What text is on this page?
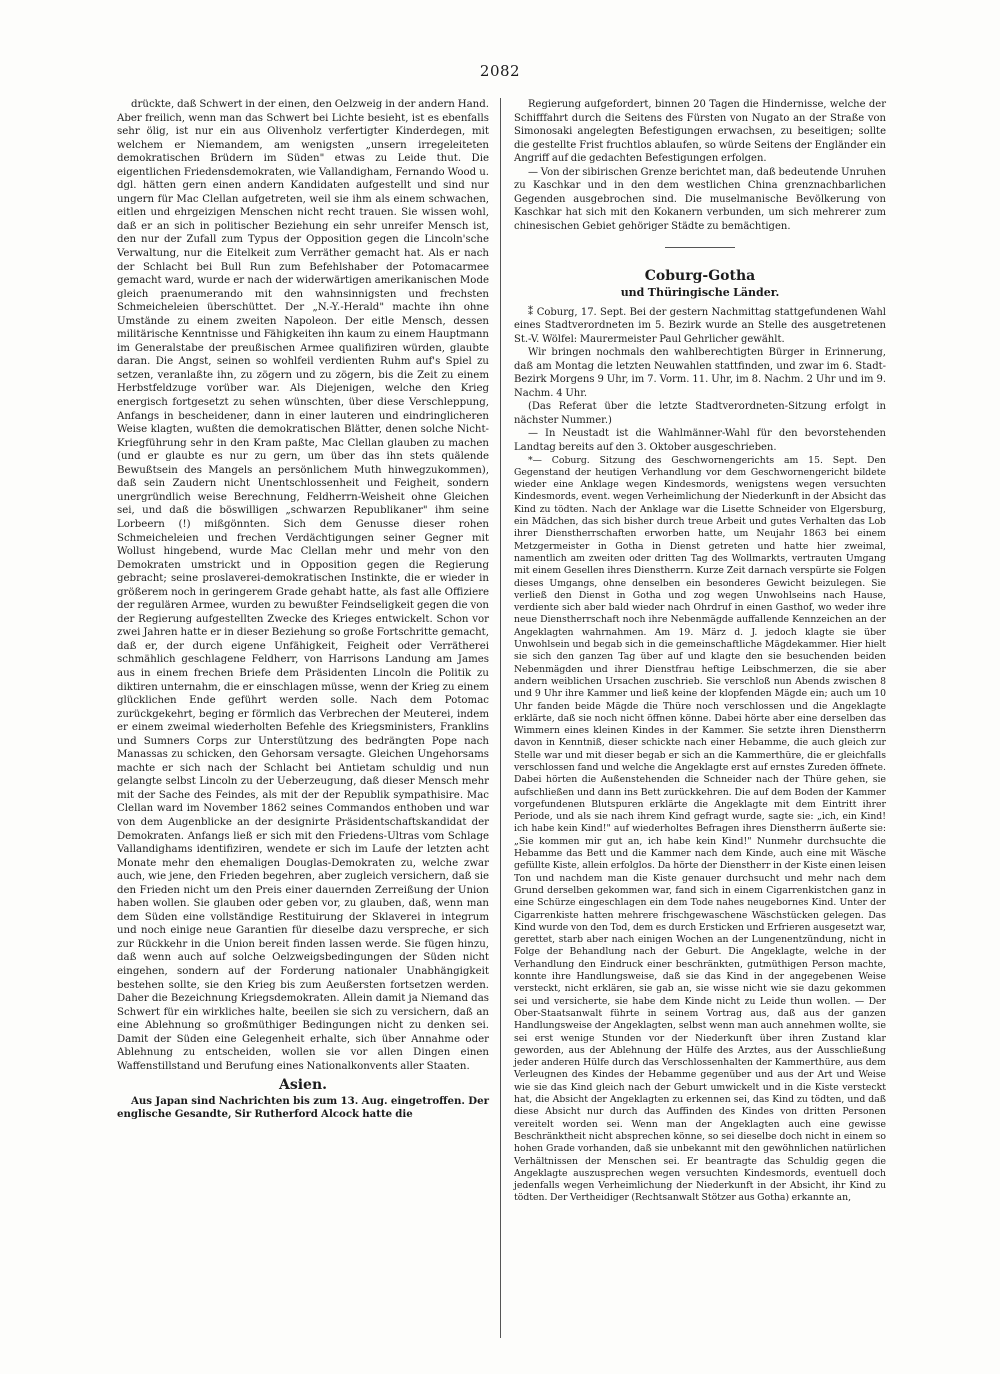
2082

drückte, daß Schwert in der einen, den Oelzweig in der andern Hand. Aber freilich, wenn man das Schwert bei Lichte besieht, ist es ebenfalls sehr ölig, ist nur ein aus Olivenholz verfertigter Kinderdegen, mit welchem er Niemandem, am wenigsten „unsern irregeleiteten demokratischen Brüdern im Süden" etwas zu Leide thut. Die eigentlichen Friedensdemokraten, wie Vallandigham, Fernando Wood u. dgl. hätten gern einen andern Kandidaten aufgestellt und sind nur ungern für Mac Clellan aufgetreten, weil sie ihm als einem schwachen, eitlen und ehrgeizigen Menschen nicht recht trauen. Sie wissen wohl, daß er an sich in politischer Beziehung ein sehr unreifer Mensch ist, den nur der Zufall zum Typus der Opposition gegen die Lincoln'sche Verwaltung, nur die Eitelkeit zum Verräther gemacht hat. Als er nach der Schlacht bei Bull Run zum Befehlshaber der Potomacarmee gemacht ward, wurde er nach der widerwärtigen amerikanischen Mode gleich praenumerando mit den wahnsinnigsten und frechsten Schmeicheleien überschüttet. Der „N.-Y.-Herald" machte ihn ohne Umstände zu einem zweiten Napoleon. Der eitle Mensch, dessen militärische Kenntnisse und Fähigkeiten ihn kaum zu einem Hauptmann im Generalstabe der preußischen Armee qualifiziren würden, glaubte daran. Die Angst, seinen so wohlfeil verdienten Ruhm auf's Spiel zu setzen, veranlaßte ihn, zu zögern und zu zögern, bis die Zeit zu einem Herbstfeldzuge vorüber war. Als Diejenigen, welche den Krieg energisch fortgesetzt zu sehen wünschten, über diese Verschleppung, Anfangs in bescheidener, dann in einer lauteren und eindringlicheren Weise klagten, wußten die demokratischen Blätter, denen solche Nicht-Kriegführung sehr in den Kram paßte, Mac Clellan glauben zu machen (und er glaubte es nur zu gern, um über das ihn stets quälende Bewußtsein des Mangels an persönlichem Muth hinwegzukommen), daß sein Zaudern nicht Unentschlossenheit und Feigheit, sondern unergründlich weise Berechnung, Feldherrn-Weisheit ohne Gleichen sei, und daß die böswilligen „schwarzen Republikaner" ihm seine Lorbeern (!) mißgönnten. Sich dem Genusse dieser rohen Schmeicheleien und frechen Verdächtigungen seiner Gegner mit Wollust hingebend, wurde Mac Clellan mehr und mehr von den Demokraten umstrickt und in Opposition gegen die Regierung gebracht; seine proslaverei-demokratischen Instinkte, die er wieder in größerem noch in geringerem Grade gehabt hatte, als fast alle Offiziere der regulären Armee, wurden zu bewußter Feindseligkeit gegen die von der Regierung aufgestellten Zwecke des Krieges entwickelt. Schon vor zwei Jahren hatte er in dieser Beziehung so große Fortschritte gemacht, daß er, der durch eigene Unfähigkeit, Feigheit oder Verrätherei schmählich geschlagene Feldherr, von Harrisons Landung am James aus in einem frechen Briefe dem Präsidenten Lincoln die Politik zu diktiren unternahm, die er einschlagen müsse, wenn der Krieg zu einem glücklichen Ende geführt werden solle. Nach dem Potomac zurückgekehrt, beging er förmlich das Verbrechen der Meuterei, indem er einem zweimal wiederholten Befehle des Kriegsministers, Franklins und Sumners Corps zur Unterstützung des bedrängten Pope nach Manassas zu schicken, den Gehorsam versagte. Gleichen Ungehorsams machte er sich nach der Schlacht bei Antietam schuldig und nun gelangte selbst Lincoln zu der Ueberzeugung, daß dieser Mensch mehr mit der Sache des Feindes, als mit der der Republik sympathisire. Mac Clellan ward im November 1862 seines Commandos enthoben und war von dem Augenblicke an der designirte Präsidentschaftskandidat der Demokraten. Anfangs ließ er sich mit den Friedens-Ultras vom Schlage Vallandighams identifiziren, wendete er sich im Laufe der letzten acht Monate mehr den ehemaligen Douglas-Demokraten zu, welche zwar auch, wie jene, den Frieden begehren, aber zugleich versichern, daß sie den Frieden nicht um den Preis einer dauernden Zerreißung der Union haben wollen. Sie glauben oder geben vor, zu glauben, daß, wenn man dem Süden eine vollständige Restituirung der Sklaverei in integrum und noch einige neue Garantien für dieselbe dazu verspreche, er sich zur Rückkehr in die Union bereit finden lassen werde. Sie fügen hinzu, daß wenn auch auf solche Oelzweigsbedingungen der Süden nicht eingehen, sondern auf der Forderung nationaler Unabhängigkeit bestehen sollte, sie den Krieg bis zum Aeußersten fortsetzen werden. Daher die Bezeichnung Kriegsdemokraten. Allein damit ja Niemand das Schwert für ein wirkliches halte, beeilen sie sich zu versichern, daß an eine Ablehnung so großmüthiger Bedingungen nicht zu denken sei. Damit der Süden eine Gelegenheit erhalte, sich über Annahme oder Ablehnung zu entscheiden, wollen sie vor allen Dingen einen Waffenstillstand und Berufung eines Nationalkonvents aller Staaten.

Asien.

Aus Japan sind Nachrichten bis zum 13. Aug. eingetroffen. Der englische Gesandte, Sir Rutherford Alcock hatte die

Regierung aufgefordert, binnen 20 Tagen die Hindernisse, welche der Schifffahrt durch die Seitens des Fürsten von Nugato an der Straße von Simonosaki angelegten Befestigungen erwachsen, zu beseitigen; sollte die gestellte Frist fruchtlos ablaufen, so würde Seitens der Engländer ein Angriff auf die gedachten Befestigungen erfolgen.

— Von der sibirischen Grenze berichtet man, daß bedeutende Unruhen zu Kaschkar und in den dem westlichen China grenznachbarlichen Gegenden ausgebrochen sind. Die muselmanische Bevölkerung von Kaschkar hat sich mit den Kokanern verbunden, um sich mehrerer zum chinesischen Gebiet gehöriger Städte zu bemächtigen.

Coburg-Gotha
und Thüringische Länder.

⁑ Coburg, 17. Sept. Bei der gestern Nachmittag stattgefundenen Wahl eines Stadtverordneten im 5. Bezirk wurde an Stelle des ausgetretenen St.-V. Wölfel: Maurermeister Paul Gehrlicher gewählt.

Wir bringen nochmals den wahlberechtigten Bürger in Erinnerung, daß am Montag die letzten Neuwahlen stattfinden, und zwar im 6. Stadt-Bezirk Morgens 9 Uhr, im 7. Vorm. 11. Uhr, im 8. Nachm. 2 Uhr und im 9. Nachm. 4 Uhr.

(Das Referat über die letzte Stadtverordneten-Sitzung erfolgt in nächster Nummer.)

— In Neustadt ist die Wahlmänner-Wahl für den bevorstehenden Landtag bereits auf den 3. Oktober ausgeschrieben.

*— Coburg. Sitzung des Geschwornengerichts am 15. Sept. Den Gegenstand der heutigen Verhandlung vor dem Geschwornengericht bildete wieder eine Anklage wegen Kindesmords, wenigstens wegen versuchten Kindesmords, event. wegen Verheimlichung der Niederkunft in der Absicht das Kind zu tödten. Nach der Anklage war die Lisette Schneider von Elgersburg, ein Mädchen, das sich bisher durch treue Arbeit und gutes Verhalten das Lob ihrer Dienstherrschaften erworben hatte, um Neujahr 1863 bei einem Metzgermeister in Gotha in Dienst getreten und hatte hier zweimal, namentlich am zweiten oder dritten Tag des Wollmarkts, vertrauten Umgang mit einem Gesellen ihres Dienstherrn. Kurze Zeit darnach verspürte sie Folgen dieses Umgangs, ohne denselben ein besonderes Gewicht beizulegen. Sie verließ den Dienst in Gotha und zog wegen Unwohlseins nach Hause, verdiente sich aber bald wieder nach Ohrdruf in einen Gasthof, wo weder ihre neue Dienstherrschaft noch ihre Nebenmägde auffallende Kennzeichen an der Angeklagten wahrnahmen. Am 19. März d. J. jedoch klagte sie über Unwohlsein und begab sich in die gemeinschaftliche Mägdekammer. Hier hielt sie sich den ganzen Tag über auf und klagte den sie besuchenden beiden Nebenmägden und ihrer Dienstfrau heftige Leibschmerzen, die sie aber andern weiblichen Ursachen zuschrieb. Sie verschloß nun Abends zwischen 8 und 9 Uhr ihre Kammer und ließ keine der klopfenden Mägde ein; auch um 10 Uhr fanden beide Mägde die Thüre noch verschlossen und die Angeklagte erklärte, daß sie noch nicht öffnen könne. Dabei hörte aber eine derselben das Wimmern eines kleinen Kindes in der Kammer. Sie setzte ihren Dienstherrn davon in Kenntniß, dieser schickte nach einer Hebamme, die auch gleich zur Stelle war und mit dieser begab er sich an die Kammerthüre, die er gleichfalls verschlossen fand und welche die Angeklagte erst auf ernstes Zureden öffnete. Dabei hörten die Außenstehenden die Schneider nach der Thüre gehen, sie aufschließen und dann ins Bett zurückkehren. Die auf dem Boden der Kammer vorgefundenen Blutspuren erklärte die Angeklagte mit dem Eintritt ihrer Periode, und als sie nach ihrem Kind gefragt wurde, sagte sie: „ich, ein Kind! ich habe kein Kind!" auf wiederholtes Befragen ihres Dienstherrn äußerte sie: „Sie kommen mir gut an, ich habe kein Kind!" Nunmehr durchsuchte die Hebamme das Bett und die Kammer nach dem Kinde, auch eine mit Wäsche gefüllte Kiste, allein erfolglos. Da hörte der Dienstherr in der Kiste einen leisen Ton und nachdem man die Kiste genauer durchsucht und mehr nach dem Grund derselben gekommen war, fand sich in einem Cigarrenkistchen ganz in eine Schürze eingeschlagen ein dem Tode nahes neugebornes Kind. Unter der Cigarrenkiste hatten mehrere frischgewaschene Wäschstücken gelegen. Das Kind wurde von den Tod, dem es durch Ersticken und Erfrieren ausgesetzt war, gerettet, starb aber nach einigen Wochen an der Lungenentzündung, nicht in Folge der Behandlung nach der Geburt. Die Angeklagte, welche in der Verhandlung den Eindruck einer beschränkten, gutmüthigen Person machte, konnte ihre Handlungsweise, daß sie das Kind in der angegebenen Weise versteckt, nicht erklären, sie gab an, sie wisse nicht wie sie dazu gekommen sei und versicherte, sie habe dem Kinde nicht zu Leide thun wollen. — Der Ober-Staatsanwalt führte in seinem Vortrag aus, daß aus der ganzen Handlungsweise der Angeklagten, selbst wenn man auch annehmen wollte, sie sei erst wenige Stunden vor der Niederkunft über ihren Zustand klar geworden, aus der Ablehnung der Hülfe des Arztes, aus der Ausschließung jeder anderen Hülfe durch das Verschlossenhalten der Kammerthüre, aus dem Verleugnen des Kindes der Hebamme gegenüber und aus der Art und Weise wie sie das Kind gleich nach der Geburt umwickelt und in die Kiste versteckt hat, die Absicht der Angeklagten zu erkennen sei, das Kind zu tödten, und daß diese Absicht nur durch das Auffinden des Kindes von dritten Personen vereitelt worden sei. Wenn man der Angeklagten auch eine gewisse Beschränktheit nicht absprechen könne, so sei dieselbe doch nicht in einem so hohen Grade vorhanden, daß sie unbekannt mit den gewöhnlichen natürlichen Verhältnissen der Menschen sei. Er beantragte das Schuldig gegen die Angeklagte auszusprechen wegen versuchten Kindesmords, eventuell doch jedenfalls wegen Verheimlichung der Niederkunft in der Absicht, ihr Kind zu tödten. Der Vertheidiger (Rechtsanwalt Stötzer aus Gotha) erkannte an,
